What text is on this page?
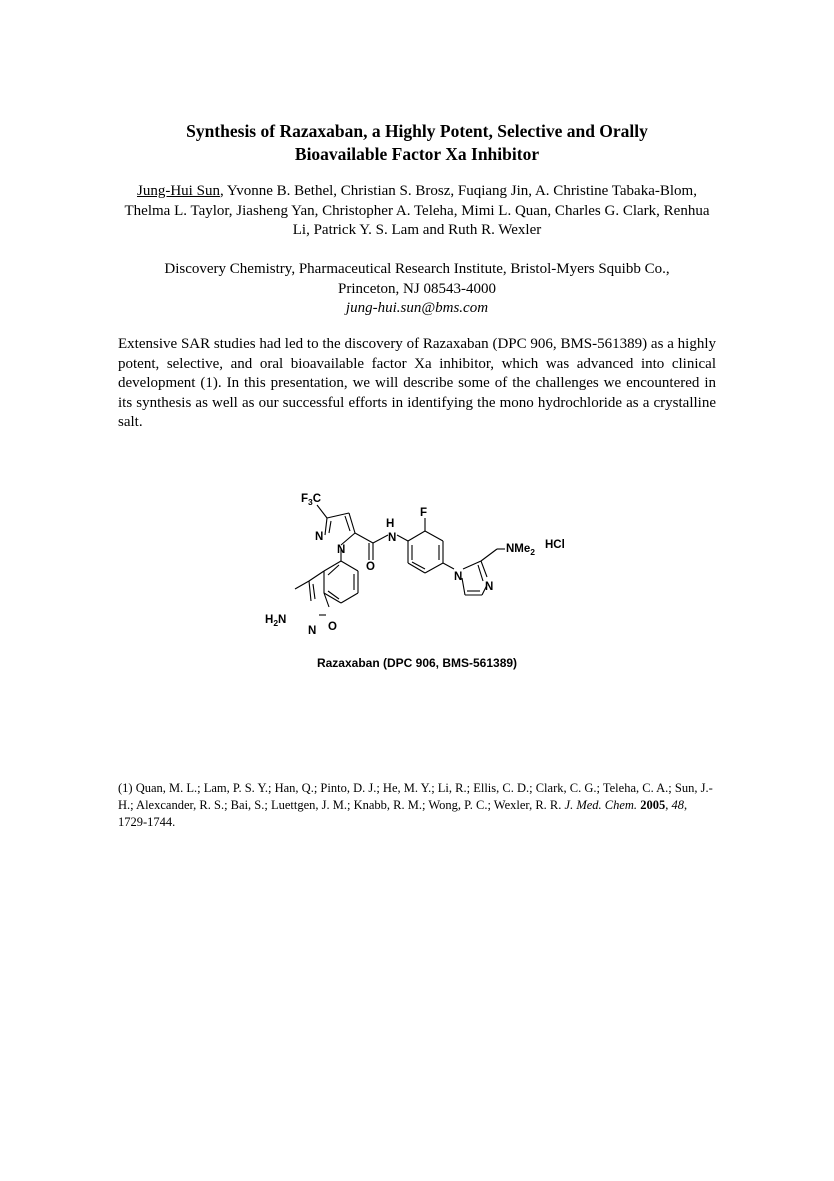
Synthesis of Razaxaban, a Highly Potent, Selective and Orally
Bioavailable Factor Xa Inhibitor
Jung-Hui Sun, Yvonne B. Bethel, Christian S. Brosz, Fuqiang Jin, A. Christine Tabaka-Blom, Thelma L. Taylor, Jiasheng Yan, Christopher A. Teleha, Mimi L. Quan, Charles G. Clark, Renhua Li, Patrick Y. S. Lam and Ruth R. Wexler
Discovery Chemistry, Pharmaceutical Research Institute, Bristol-Myers Squibb Co.,
Princeton, NJ 08543-4000
jung-hui.sun@bms.com
Extensive SAR studies had led to the discovery of Razaxaban (DPC 906, BMS-561389) as a highly potent, selective, and oral bioavailable factor Xa inhibitor, which was advanced into clinical development (1). In this presentation, we will describe some of the challenges we encountered in its synthesis as well as our successful efforts in identifying the mono hydrochloride as a crystalline salt.
$F_3C$
N
N
H
N
O
F
N
N
NMe$_2$
HCl
$H_2N$
N O
Razaxaban (DPC 906, BMS-561389)
(1) Quan, M. L.; Lam, P. S. Y.; Han, Q.; Pinto, D. J.; He, M. Y.; Li, R.; Ellis, C. D.; Clark, C. G.; Teleha, C. A.; Sun, J.-H.; Alexcander, R. S.; Bai, S.; Luettgen, J. M.; Knabb, R. M.; Wong, P. C.; Wexler, R. R. J. Med. Chem. 2005, 48, 1729-1744.
